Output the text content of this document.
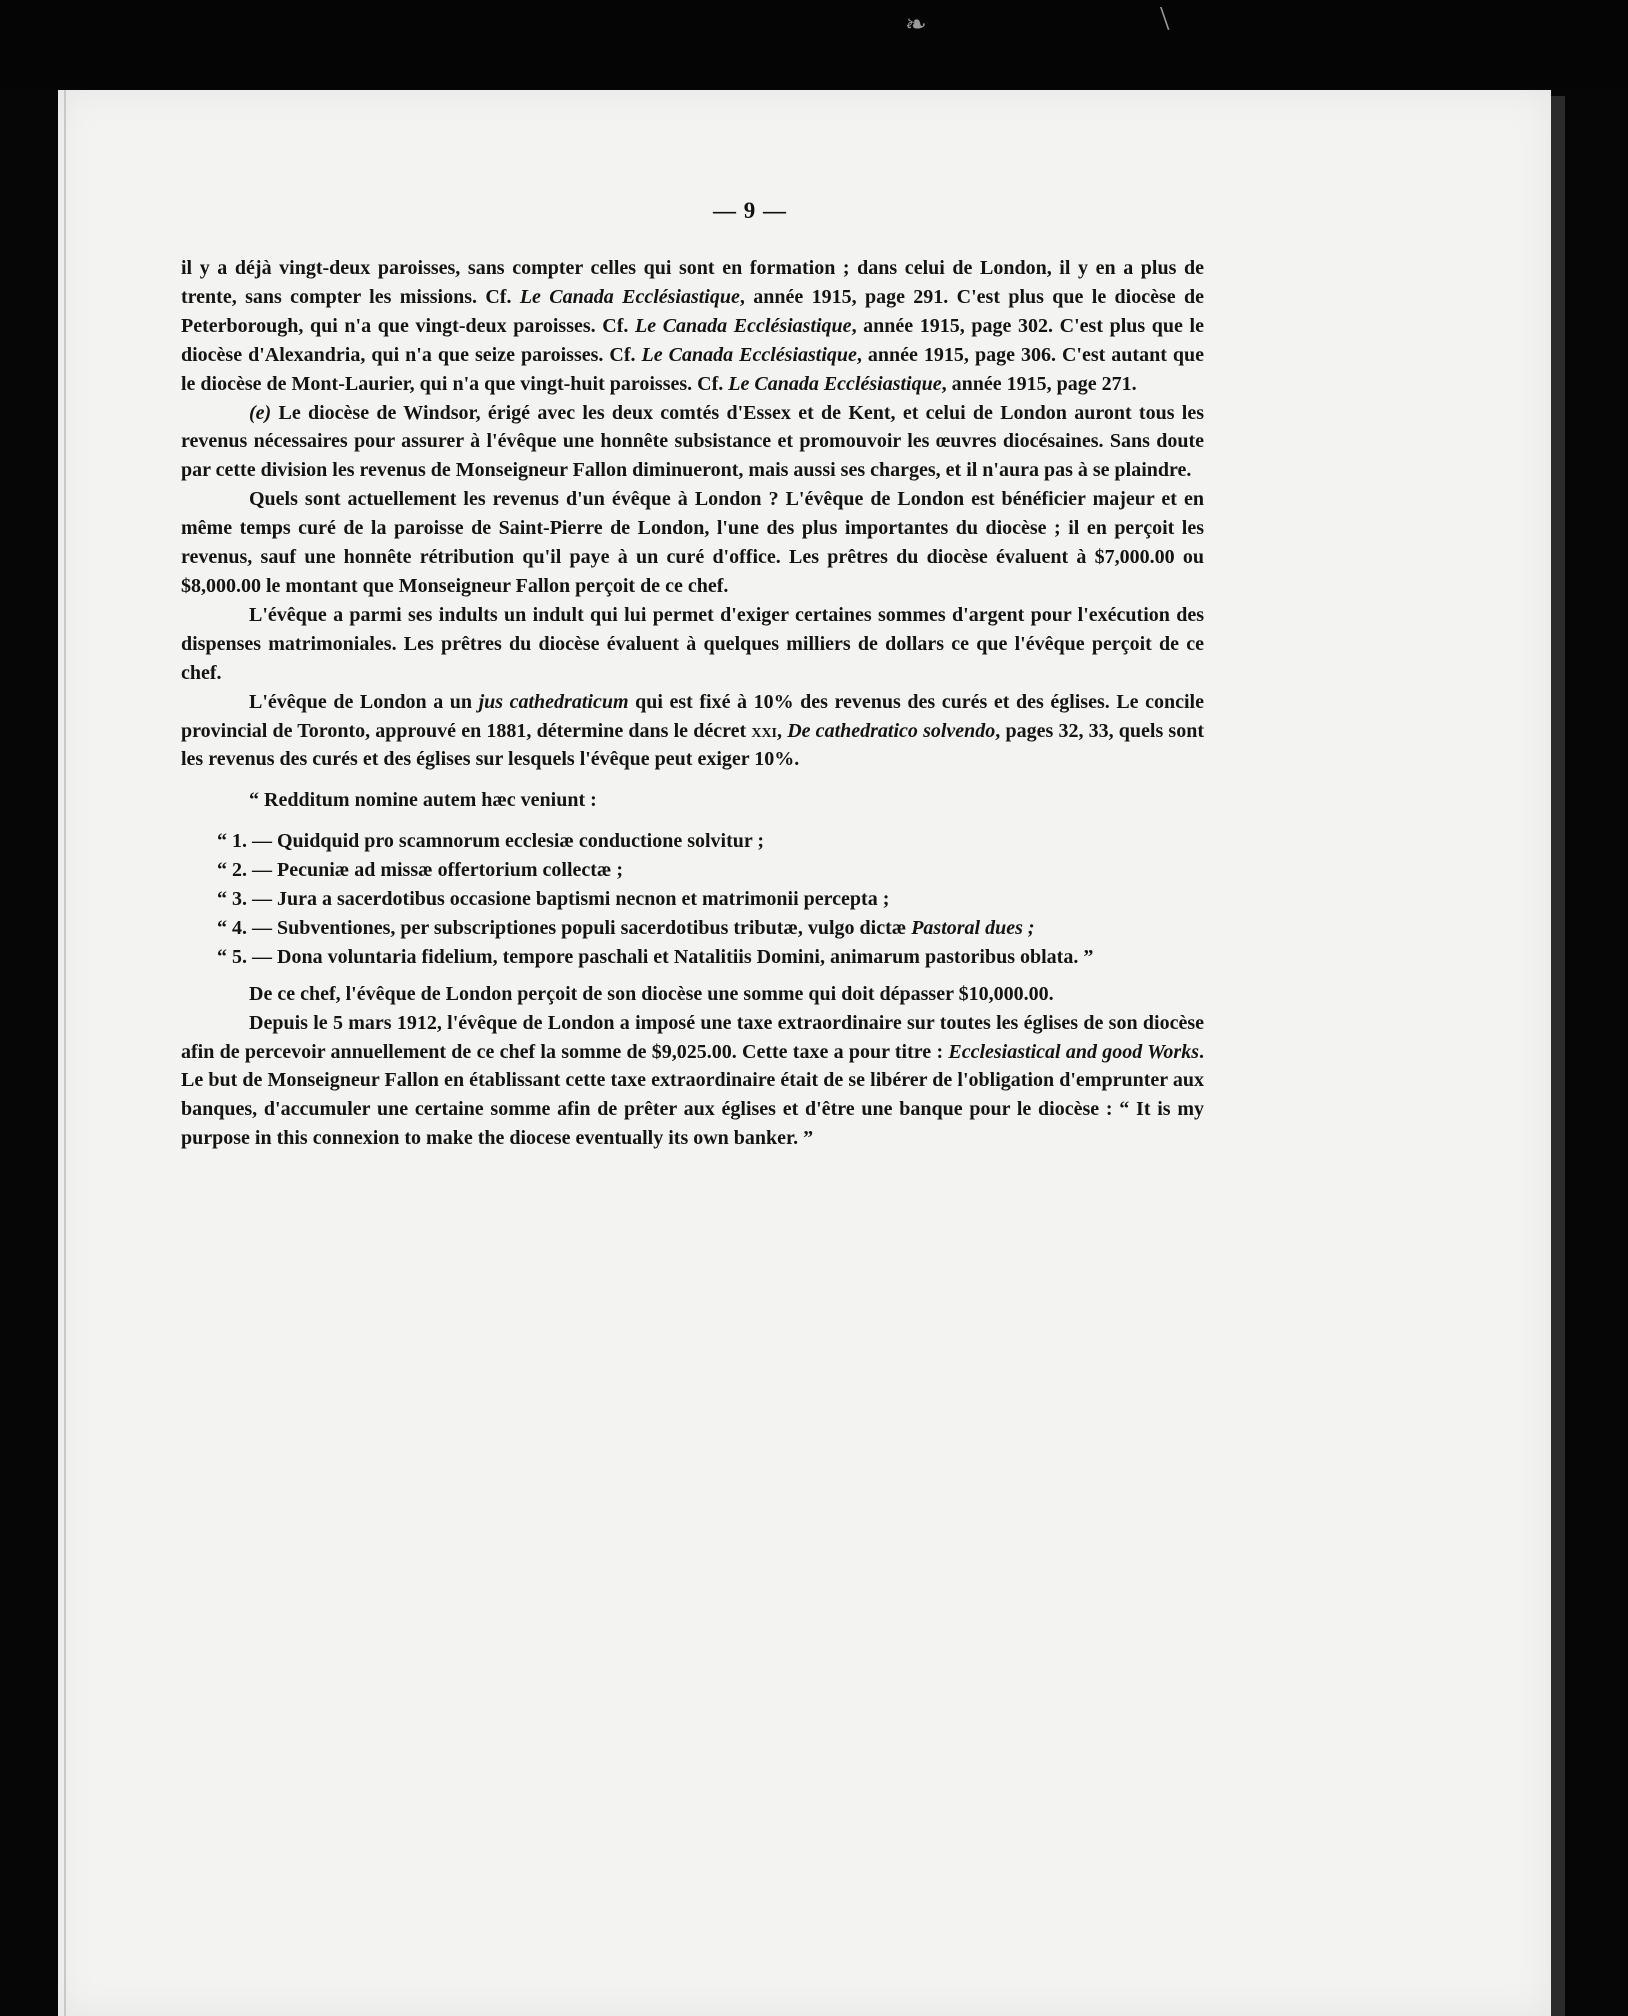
❧	\
— 9 —

il y a déjà vingt-deux paroisses, sans compter celles qui sont en formation ; dans celui de London, il y en a plus de trente, sans compter les missions. Cf. Le Canada Ecclésiastique, année 1915, page 291. C'est plus que le diocèse de Peterborough, qui n'a que vingt-deux paroisses. Cf. Le Canada Ecclésiastique, année 1915, page 302. C'est plus que le diocèse d'Alexandria, qui n'a que seize paroisses. Cf. Le Canada Ecclésiastique, année 1915, page 306. C'est autant que le diocèse de Mont-Laurier, qui n'a que vingt-huit paroisses. Cf. Le Canada Ecclésiastique, année 1915, page 271.

(e) Le diocèse de Windsor, érigé avec les deux comtés d'Essex et de Kent, et celui de London auront tous les revenus nécessaires pour assurer à l'évêque une honnête subsistance et promouvoir les œuvres diocésaines. Sans doute par cette division les revenus de Monseigneur Fallon diminueront, mais aussi ses charges, et il n'aura pas à se plaindre.

Quels sont actuellement les revenus d'un évêque à London ? L'évêque de London est bénéficier majeur et en même temps curé de la paroisse de Saint-Pierre de London, l'une des plus importantes du diocèse ; il en perçoit les revenus, sauf une honnête rétribution qu'il paye à un curé d'office. Les prêtres du diocèse évaluent à $7,000.00 ou $8,000.00 le montant que Monseigneur Fallon perçoit de ce chef.

L'évêque a parmi ses indults un indult qui lui permet d'exiger certaines sommes d'argent pour l'exécution des dispenses matrimoniales. Les prêtres du diocèse évaluent à quelques milliers de dollars ce que l'évêque perçoit de ce chef.

L'évêque de London a un jus cathedraticum qui est fixé à 10% des revenus des curés et des églises. Le concile provincial de Toronto, approuvé en 1881, détermine dans le décret xxi, De cathedratico solvendo, pages 32, 33, quels sont les revenus des curés et des églises sur lesquels l'évêque peut exiger 10%.

“ Redditum nomine autem hæc veniunt :

“ 1. — Quidquid pro scamnorum ecclesiæ conductione solvitur ;
“ 2. — Pecuniæ ad missæ offertorium collectæ ;
“ 3. — Jura a sacerdotibus occasione baptismi necnon et matrimonii percepta ;
“ 4. — Subventiones, per subscriptiones populi sacerdotibus tributæ, vulgo dictæ Pastoral dues ;
“ 5. — Dona voluntaria fidelium, tempore paschali et Natalitiis Domini, animarum pastoribus oblata. ”

De ce chef, l'évêque de London perçoit de son diocèse une somme qui doit dépasser $10,000.00.

Depuis le 5 mars 1912, l'évêque de London a imposé une taxe extraordinaire sur toutes les églises de son diocèse afin de percevoir annuellement de ce chef la somme de $9,025.00. Cette taxe a pour titre : Ecclesiastical and good Works. Le but de Monseigneur Fallon en établissant cette taxe extraordinaire était de se libérer de l'obligation d'emprunter aux banques, d'accumuler une certaine somme afin de prêter aux églises et d'être une banque pour le diocèse : “ It is my purpose in this connexion to make the diocese eventually its own banker. ”
